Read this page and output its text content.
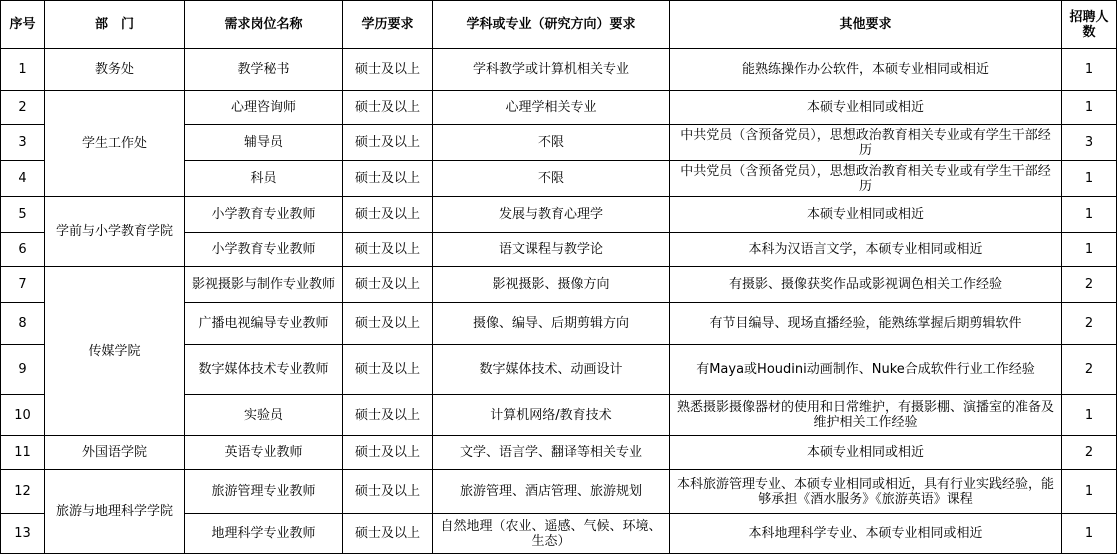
序号	部　门	需求岗位名称	学历要求	学科或专业（研究方向）要求	其他要求	招聘人数
1	教务处	教学秘书	硕士及以上	学科教学或计算机相关专业	能熟练操作办公软件，本硕专业相同或相近	1
2	学生工作处	心理咨询师	硕士及以上	心理学相关专业	本硕专业相同或相近	1
3		辅导员	硕士及以上	不限	中共党员（含预备党员），思想政治教育相关专业或有学生干部经历	3
4		科员	硕士及以上	不限	中共党员（含预备党员），思想政治教育相关专业或有学生干部经历	1
5	学前与小学教育学院	小学教育专业教师	硕士及以上	发展与教育心理学	本硕专业相同或相近	1
6		小学教育专业教师	硕士及以上	语文课程与教学论	本科为汉语言文学，本硕专业相同或相近	1
7	传媒学院	影视摄影与制作专业教师	硕士及以上	影视摄影、摄像方向	有摄影、摄像获奖作品或影视调色相关工作经验	2
8		广播电视编导专业教师	硕士及以上	摄像、编导、后期剪辑方向	有节目编导、现场直播经验，能熟练掌握后期剪辑软件	2
9		数字媒体技术专业教师	硕士及以上	数字媒体技术、动画设计	有Maya或Houdini动画制作、Nuke合成软件行业工作经验	2
10		实验员	硕士及以上	计算机网络/教育技术	熟悉摄影摄像器材的使用和日常维护，有摄影棚、演播室的准备及维护相关工作经验	1
11	外国语学院	英语专业教师	硕士及以上	文学、语言学、翻译等相关专业	本硕专业相同或相近	2
12	旅游与地理科学学院	旅游管理专业教师	硕士及以上	旅游管理、酒店管理、旅游规划	本科旅游管理专业、本硕专业相同或相近，具有行业实践经验，能够承担《酒水服务》《旅游英语》课程	1
13		地理科学专业教师	硕士及以上	自然地理（农业、遥感、气候、环境、生态）	本科地理科学专业、本硕专业相同或相近	1
